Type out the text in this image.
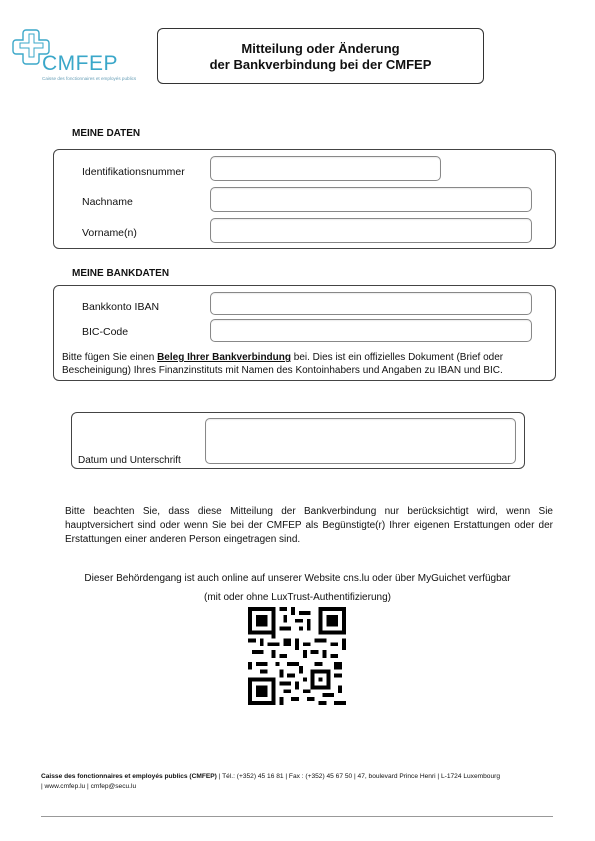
CMFEP
Caisse des fonctionnaires et employés publics
Mitteilung oder Änderung
der Bankverbindung bei der CMFEP
MEINE DATEN
Identifikationsnummer
Nachname
Vorname(n)
MEINE BANKDATEN
Bankkonto IBAN
BIC-Code
Bitte fügen Sie einen Beleg Ihrer Bankverbindung bei. Dies ist ein offizielles Dokument (Brief oder Bescheinigung) Ihres Finanzinstituts mit Namen des Kontoinhabers und Angaben zu IBAN und BIC.
Datum und Unterschrift
Bitte beachten Sie, dass diese Mitteilung der Bankverbindung nur berücksichtigt wird, wenn Sie hauptversichert sind oder wenn Sie bei der CMFEP als Begünstigte(r) Ihrer eigenen Erstattungen oder der Erstattungen einer anderen Person eingetragen sind.
Dieser Behördengang ist auch online auf unserer Website cns.lu oder über MyGuichet verfügbar
(mit oder ohne LuxTrust-Authentifizierung)
Caisse des fonctionnaires et employés publics (CMFEP) | Tél.: (+352) 45 16 81 | Fax : (+352) 45 67 50 | 47, boulevard Prince Henri | L-1724 Luxembourg
| www.cmfep.lu | cmfep@secu.lu
